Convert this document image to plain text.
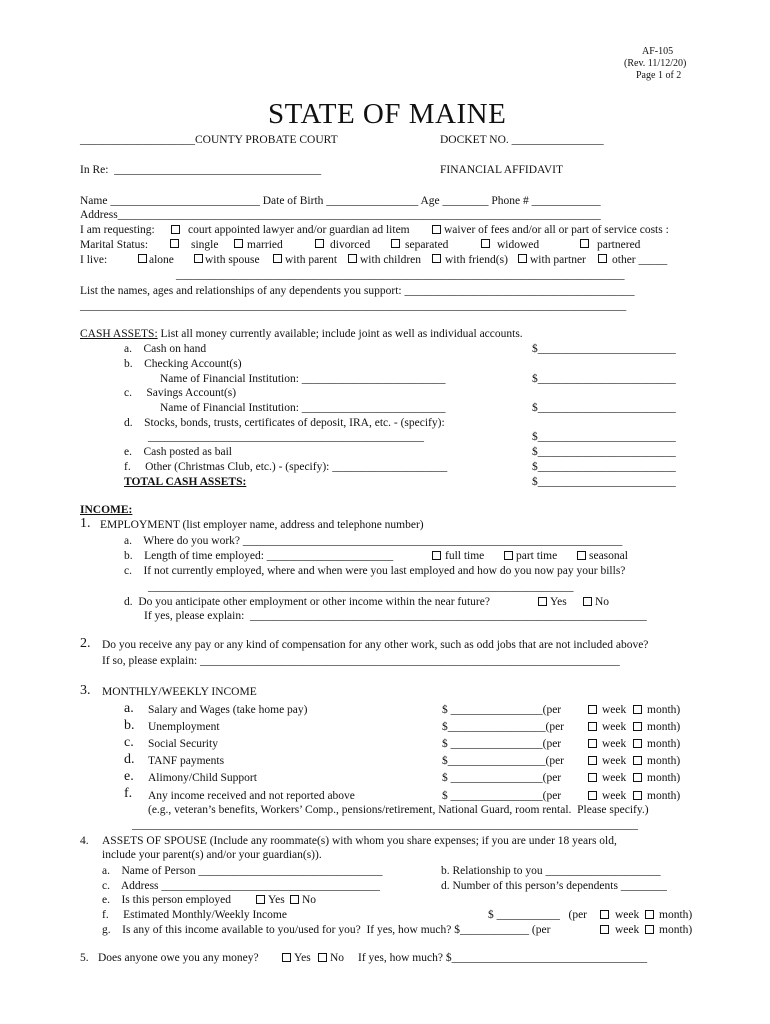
AF-105
(Rev. 11/12/20)
Page 1 of 2
STATE OF MAINE
____________________COUNTY PROBATE COURT	DOCKET NO. ________________
In Re:  ____________________________________	FINANCIAL AFFIDAVIT
Name __________________________ Date of Birth ________________ Age ________ Phone # ____________
Address____________________________________________________________________________________
I am requesting:	court appointed lawyer and/or guardian ad litem	waiver of fees and/or all or part of service costs :
Marital Status:	single married	divorced	separated	widowed	partnered
I live:	alone	with spouse with parent with children with friend(s) with partner other _____
______________________________________________________________________________
List the names, ages and relationships of any dependents you support: ________________________________________
_______________________________________________________________________________________________
CASH ASSETS: List all money currently available; include joint as well as individual accounts.
a.    Cash on hand	$________________________
b.    Checking Account(s)
Name of Financial Institution: _________________________	$________________________
c.     Savings Account(s)
Name of Financial Institution: _________________________	$________________________
d.    Stocks, bonds, trusts, certificates of deposit, IRA, etc. - (specify):
________________________________________________	$________________________
e.    Cash posted as bail	$________________________
f.     Other (Christmas Club, etc.) - (specify): ____________________	$________________________
TOTAL CASH ASSETS:	$________________________
INCOME:
1. EMPLOYMENT (list employer name, address and telephone number)
a.    Where do you work? __________________________________________________________________
b.    Length of time employed: ______________________	full time	part time	seasonal
c.    If not currently employed, where and when were you last employed and how do you now pay your bills?
__________________________________________________________________________
d.  Do you anticipate other employment or other income within the near future?	Yes No
If yes, please explain:  _____________________________________________________________________
2. Do you receive any pay or any kind of compensation for any other work, such as odd jobs that are not included above?
If so, please explain: _________________________________________________________________________
3. MONTHLY/WEEKLY INCOME
a. Salary and Wages (take home pay)	$ ________________(per	week month)
b. Unemployment	$_________________(per	week month)
c. Social Security	$ ________________(per	week month)
d. TANF payments	$_________________(per	week month)
e. Alimony/Child Support	$ ________________(per	week month)
f. Any income received and not reported above	$ ________________(per	week month)
(e.g., veteran’s benefits, Workers’ Comp., pensions/retirement, National Guard, room rental.  Please specify.)
________________________________________________________________________________________
4. ASSETS OF SPOUSE (Include any roommate(s) with whom you share expenses; if you are under 18 years old,
include your parent(s) and/or your guardian(s)).
a.    Name of Person ________________________________	b. Relationship to you ____________________
c.    Address ______________________________________	d. Number of this person’s dependents ________
e.    Is this person employed	Yes No
f.     Estimated Monthly/Weekly Income	$ ___________   (per week month)
g.    Is any of this income available to you/used for you?  If yes, how much? $____________ (per	week month)
5. Does anyone owe you any money?	Yes No If yes, how much? $__________________________________
